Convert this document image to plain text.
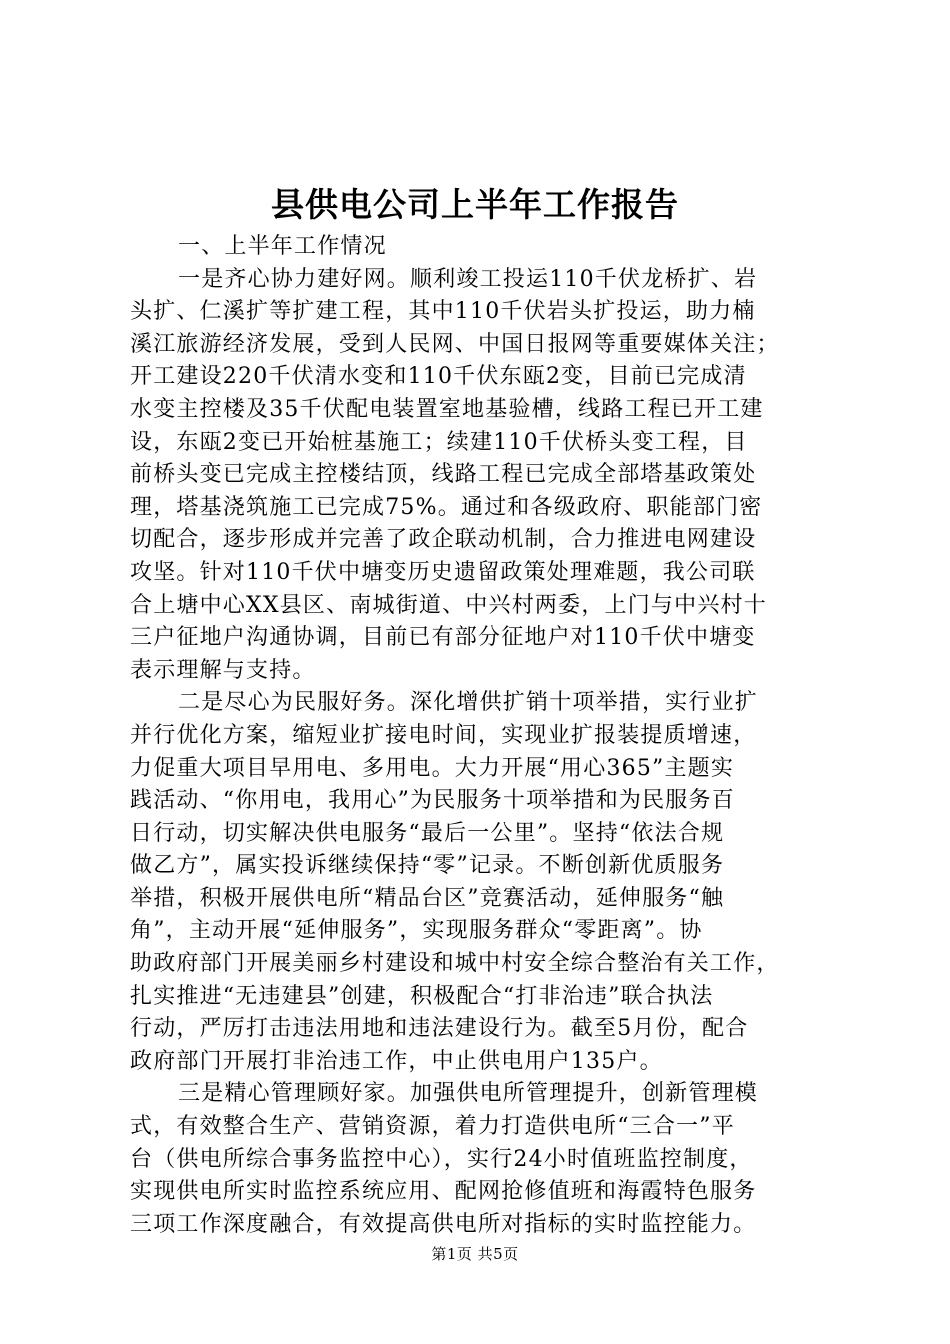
县供电公司上半年工作报告
一、上半年工作情况
一是齐心协力建好网。顺利竣工投运110千伏龙桥扩、岩
头扩、仁溪扩等扩建工程，其中110千伏岩头扩投运，助力楠
溪江旅游经济发展，受到人民网、中国日报网等重要媒体关注；
开工建设220千伏清水变和110千伏东瓯2变，目前已完成清
水变主控楼及35千伏配电装置室地基验槽，线路工程已开工建
设，东瓯2变已开始桩基施工；续建110千伏桥头变工程，目
前桥头变已完成主控楼结顶，线路工程已完成全部塔基政策处
理，塔基浇筑施工已完成75%。通过和各级政府、职能部门密
切配合，逐步形成并完善了政企联动机制，合力推进电网建设
攻坚。针对110千伏中塘变历史遗留政策处理难题，我公司联
合上塘中心XX县区、南城街道、中兴村两委，上门与中兴村十
三户征地户沟通协调，目前已有部分征地户对110千伏中塘变
表示理解与支持。
二是尽心为民服好务。深化增供扩销十项举措，实行业扩
并行优化方案，缩短业扩接电时间，实现业扩报装提质增速，
力促重大项目早用电、多用电。大力开展“用心365”主题实
践活动、“你用电，我用心”为民服务十项举措和为民服务百
日行动，切实解决供电服务“最后一公里”。坚持“依法合规
做乙方”，属实投诉继续保持“零”记录。不断创新优质服务
举措，积极开展供电所“精品台区”竞赛活动，延伸服务“触
角”，主动开展“延伸服务”，实现服务群众“零距离”。协
助政府部门开展美丽乡村建设和城中村安全综合整治有关工作，
扎实推进“无违建县”创建，积极配合“打非治违”联合执法
行动，严厉打击违法用地和违法建设行为。截至5月份，配合
政府部门开展打非治违工作，中止供电用户135户。
三是精心管理顾好家。加强供电所管理提升，创新管理模
式，有效整合生产、营销资源，着力打造供电所“三合一”平
台（供电所综合事务监控中心），实行24小时值班监控制度，
实现供电所实时监控系统应用、配网抢修值班和海霞特色服务
三项工作深度融合，有效提高供电所对指标的实时监控能力。
第1页 共5页
